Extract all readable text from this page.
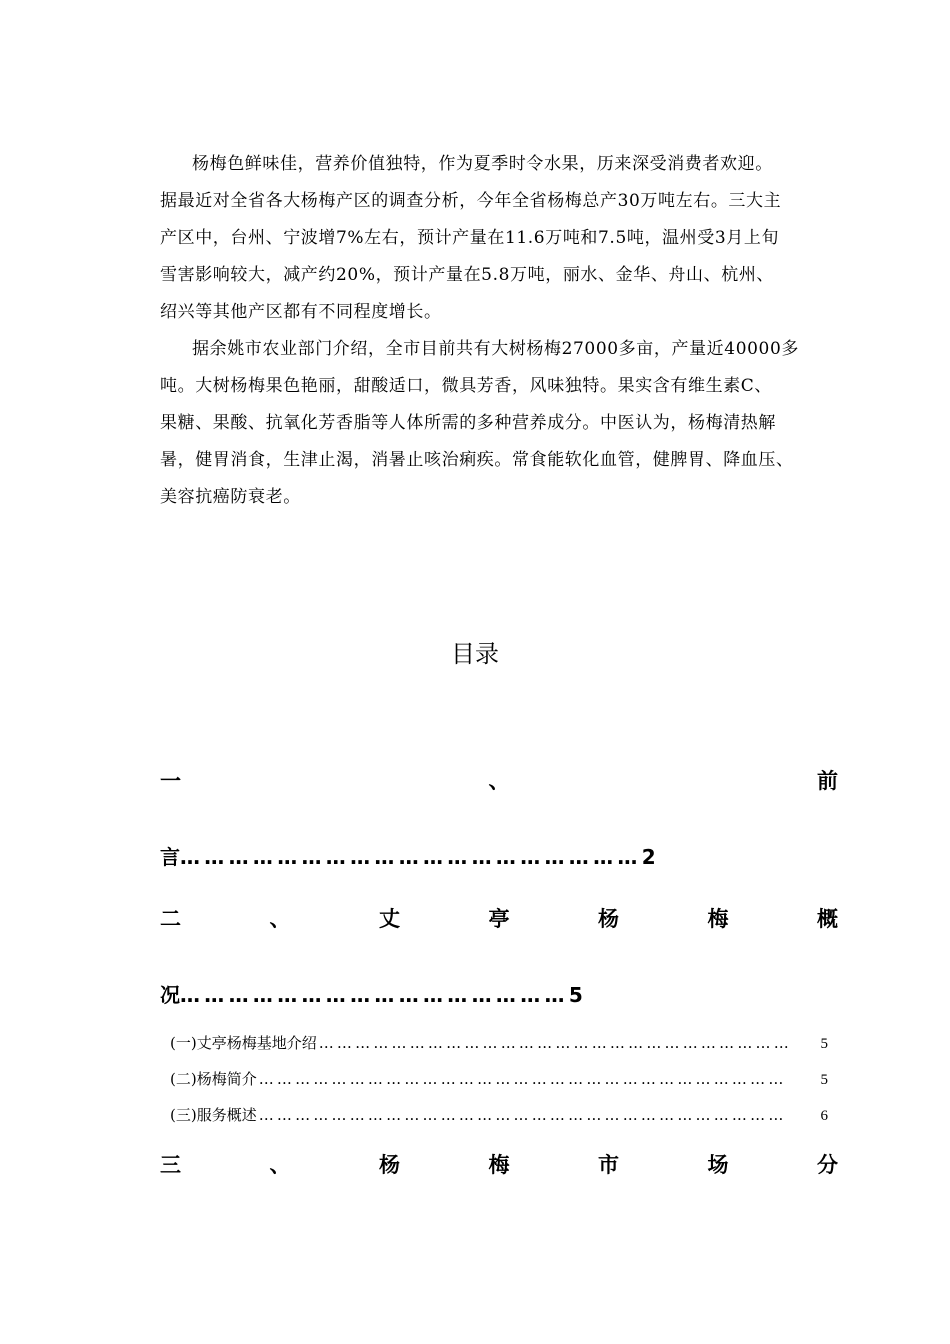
杨梅色鲜味佳，营养价值独特，作为夏季时令水果，历来深受消费者欢迎。
据最近对全省各大杨梅产区的调查分析，今年全省杨梅总产30万吨左右。三大主
产区中，台州、宁波增7%左右，预计产量在11.6万吨和7.5吨，温州受3月上旬
雪害影响较大，减产约20%，预计产量在5.8万吨，丽水、金华、舟山、杭州、
绍兴等其他产区都有不同程度增长。
据余姚市农业部门介绍，全市目前共有大树杨梅27000多亩，产量近40000多
吨。大树杨梅果色艳丽，甜酸适口，微具芳香，风味独特。果实含有维生素C、
果糖、果酸、抗氧化芳香脂等人体所需的多种营养成分。中医认为，杨梅清热解
暑，健胃消食，生津止渴，消暑止咳治痢疾。常食能软化血管，健脾胃、降血压、
美容抗癌防衰老。
目录
一	、	前
言…………………………………………………2
二	、	丈	亭	杨	梅	概
况…………………………………………5
(一)丈亭杨梅基地介绍 ……………………………………………………………………	5
(二)杨梅简介 ……………………………………………………………………………	5
(三)服务概述 ……………………………………………………………………………	6
三	、	杨	梅	市	场	分
